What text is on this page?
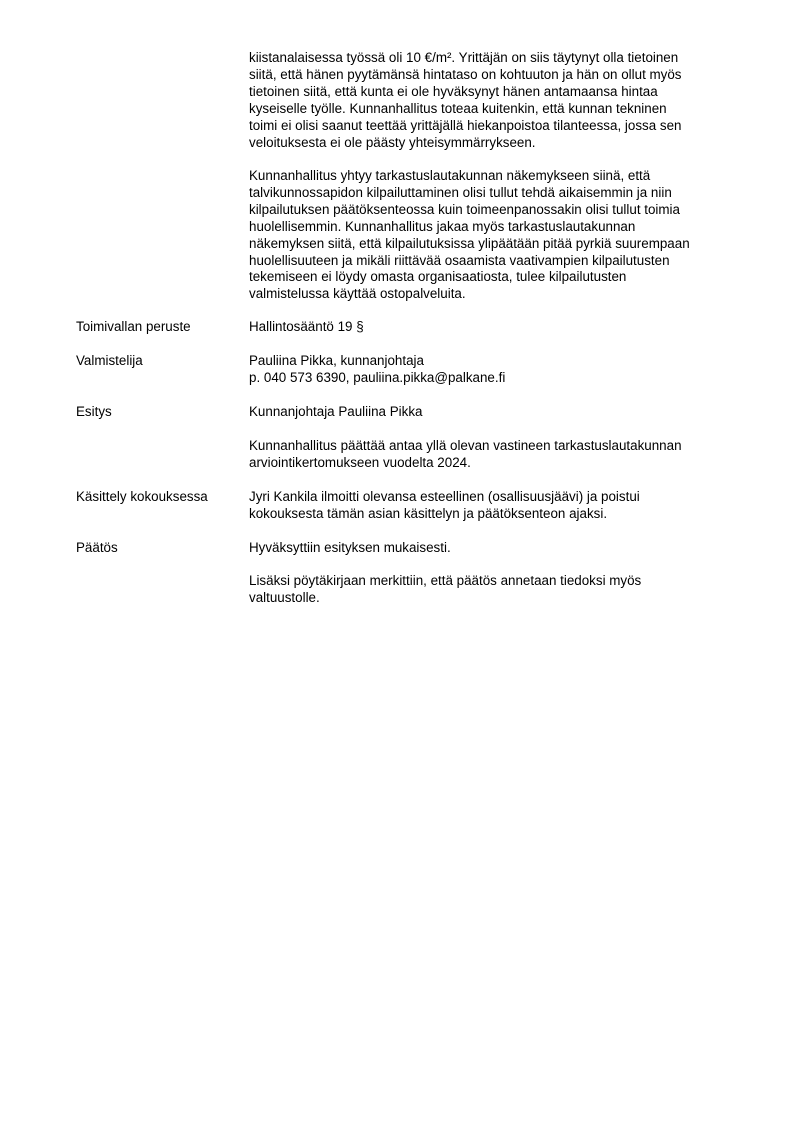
kiistanalaisessa työssä oli 10 €/m². Yrittäjän on siis täytynyt olla tietoinen
siitä, että hänen pyytämänsä hintataso on kohtuuton ja hän on ollut myös
tietoinen siitä, että kunta ei ole hyväksynyt hänen antamaansa hintaa
kyseiselle työlle. Kunnanhallitus toteaa kuitenkin, että kunnan tekninen
toimi ei olisi saanut teettää yrittäjällä hiekanpoistoa tilanteessa, jossa sen
veloituksesta ei ole päästy yhteisymmärrykseen.

Kunnanhallitus yhtyy tarkastuslautakunnan näkemykseen siinä, että
talvikunnossapidon kilpailuttaminen olisi tullut tehdä aikaisemmin ja niin
kilpailutuksen päätöksenteossa kuin toimeenpanossakin olisi tullut toimia
huolellisemmin. Kunnanhallitus jakaa myös tarkastuslautakunnan
näkemyksen siitä, että kilpailutuksissa ylipäätään pitää pyrkiä suurempaan
huolellisuuteen ja mikäli riittävää osaamista vaativampien kilpailutusten
tekemiseen ei löydy omasta organisaatiosta, tulee kilpailutusten
valmistelussa käyttää ostopalveluita.

Toimivallan peruste	Hallintosääntö 19 §

Valmistelija	Pauliina Pikka, kunnanjohtaja
p. 040 573 6390, pauliina.pikka@palkane.fi

Esitys	Kunnanjohtaja Pauliina Pikka

Kunnanhallitus päättää antaa yllä olevan vastineen tarkastuslautakunnan
arviointikertomukseen vuodelta 2024.

Käsittely kokouksessa	Jyri Kankila ilmoitti olevansa esteellinen (osallisuusjäävi) ja poistui
kokouksesta tämän asian käsittelyn ja päätöksenteon ajaksi.

Päätös	Hyväksyttiin esityksen mukaisesti.

Lisäksi pöytäkirjaan merkittiin, että päätös annetaan tiedoksi myös
valtuustolle.
